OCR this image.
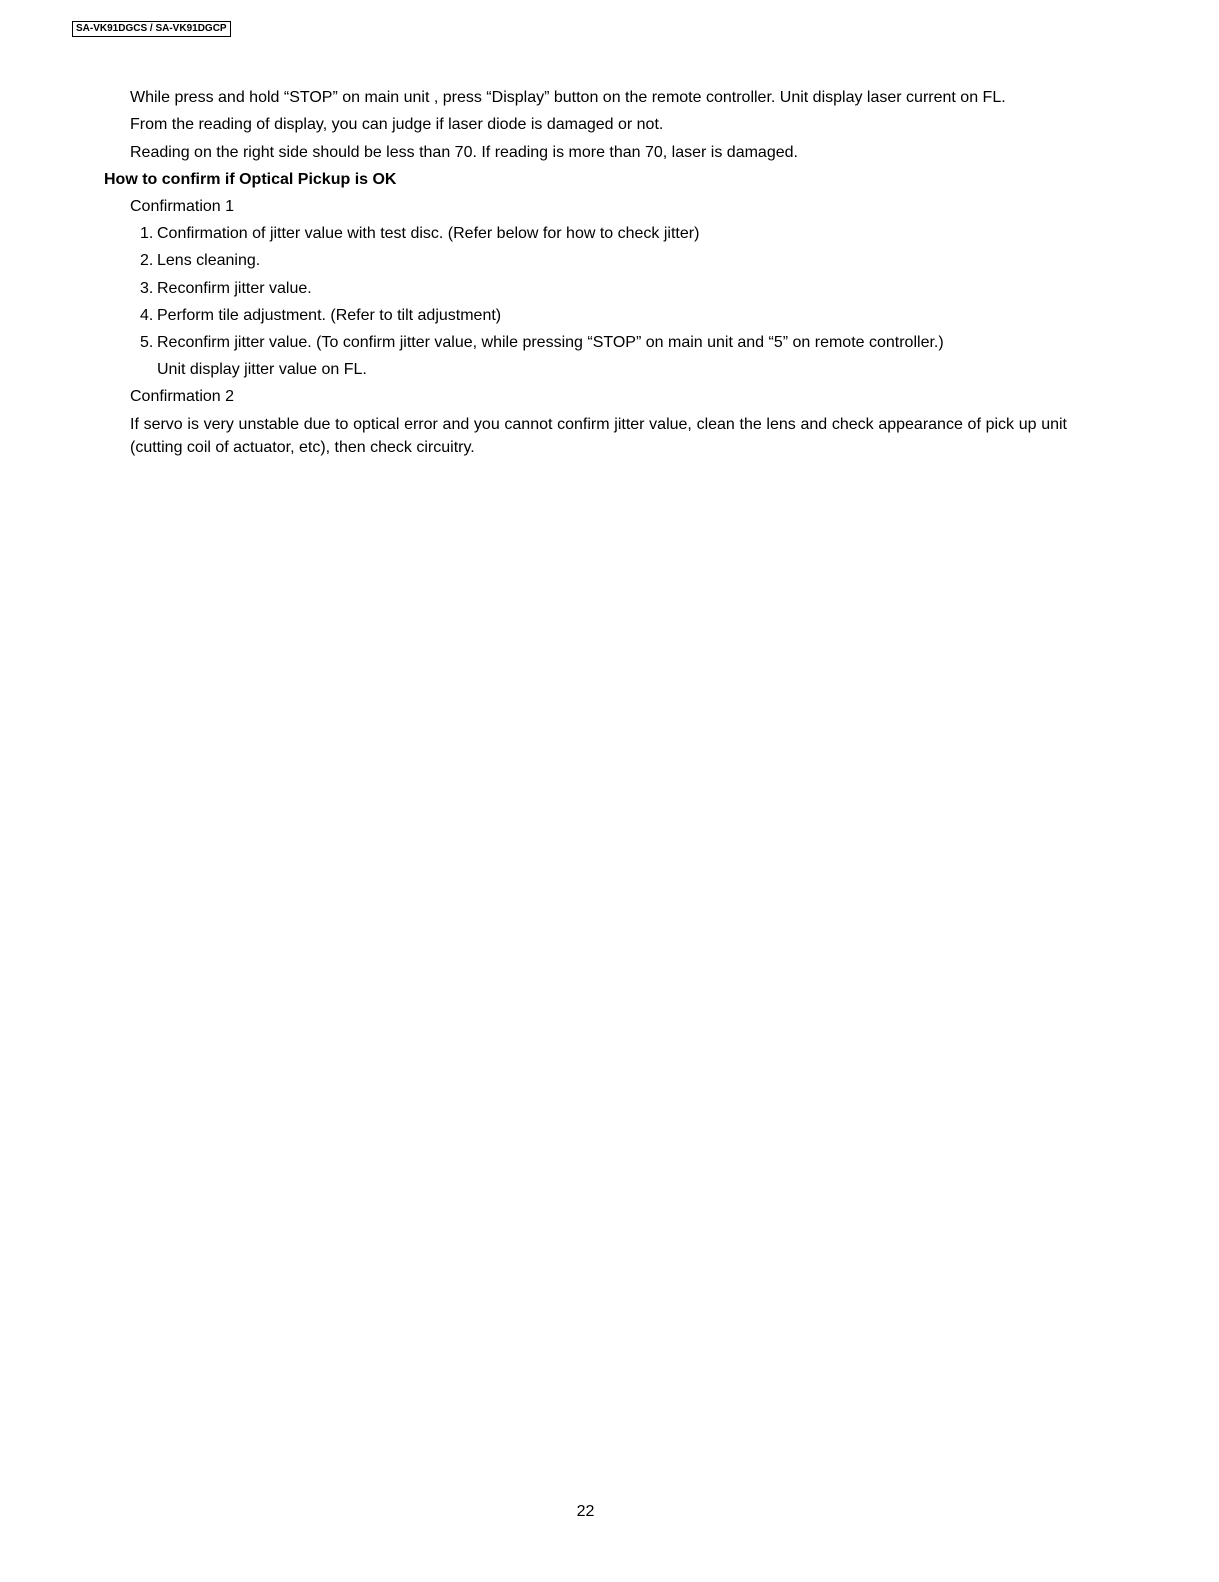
SA-VK91DGCS / SA-VK91DGCP
While press and hold “STOP” on main unit , press “Display” button on the remote controller. Unit display laser current on FL.
From the reading of display, you can judge if laser diode is damaged or not.
Reading on the right side should be less than 70. If reading is more than 70, laser is damaged.
How to confirm if Optical Pickup is OK
Confirmation 1
1. Confirmation of jitter value with test disc. (Refer below for how to check jitter)
2. Lens cleaning.
3. Reconfirm jitter value.
4. Perform tile adjustment. (Refer to tilt adjustment)
5. Reconfirm jitter value. (To confirm jitter value, while pressing “STOP” on main unit and “5” on remote controller.)
Unit display jitter value on FL.
Confirmation 2
If servo is very unstable due to optical error and you cannot confirm jitter value, clean the lens and check appearance of pick up unit (cutting coil of actuator, etc), then check circuitry.
22
